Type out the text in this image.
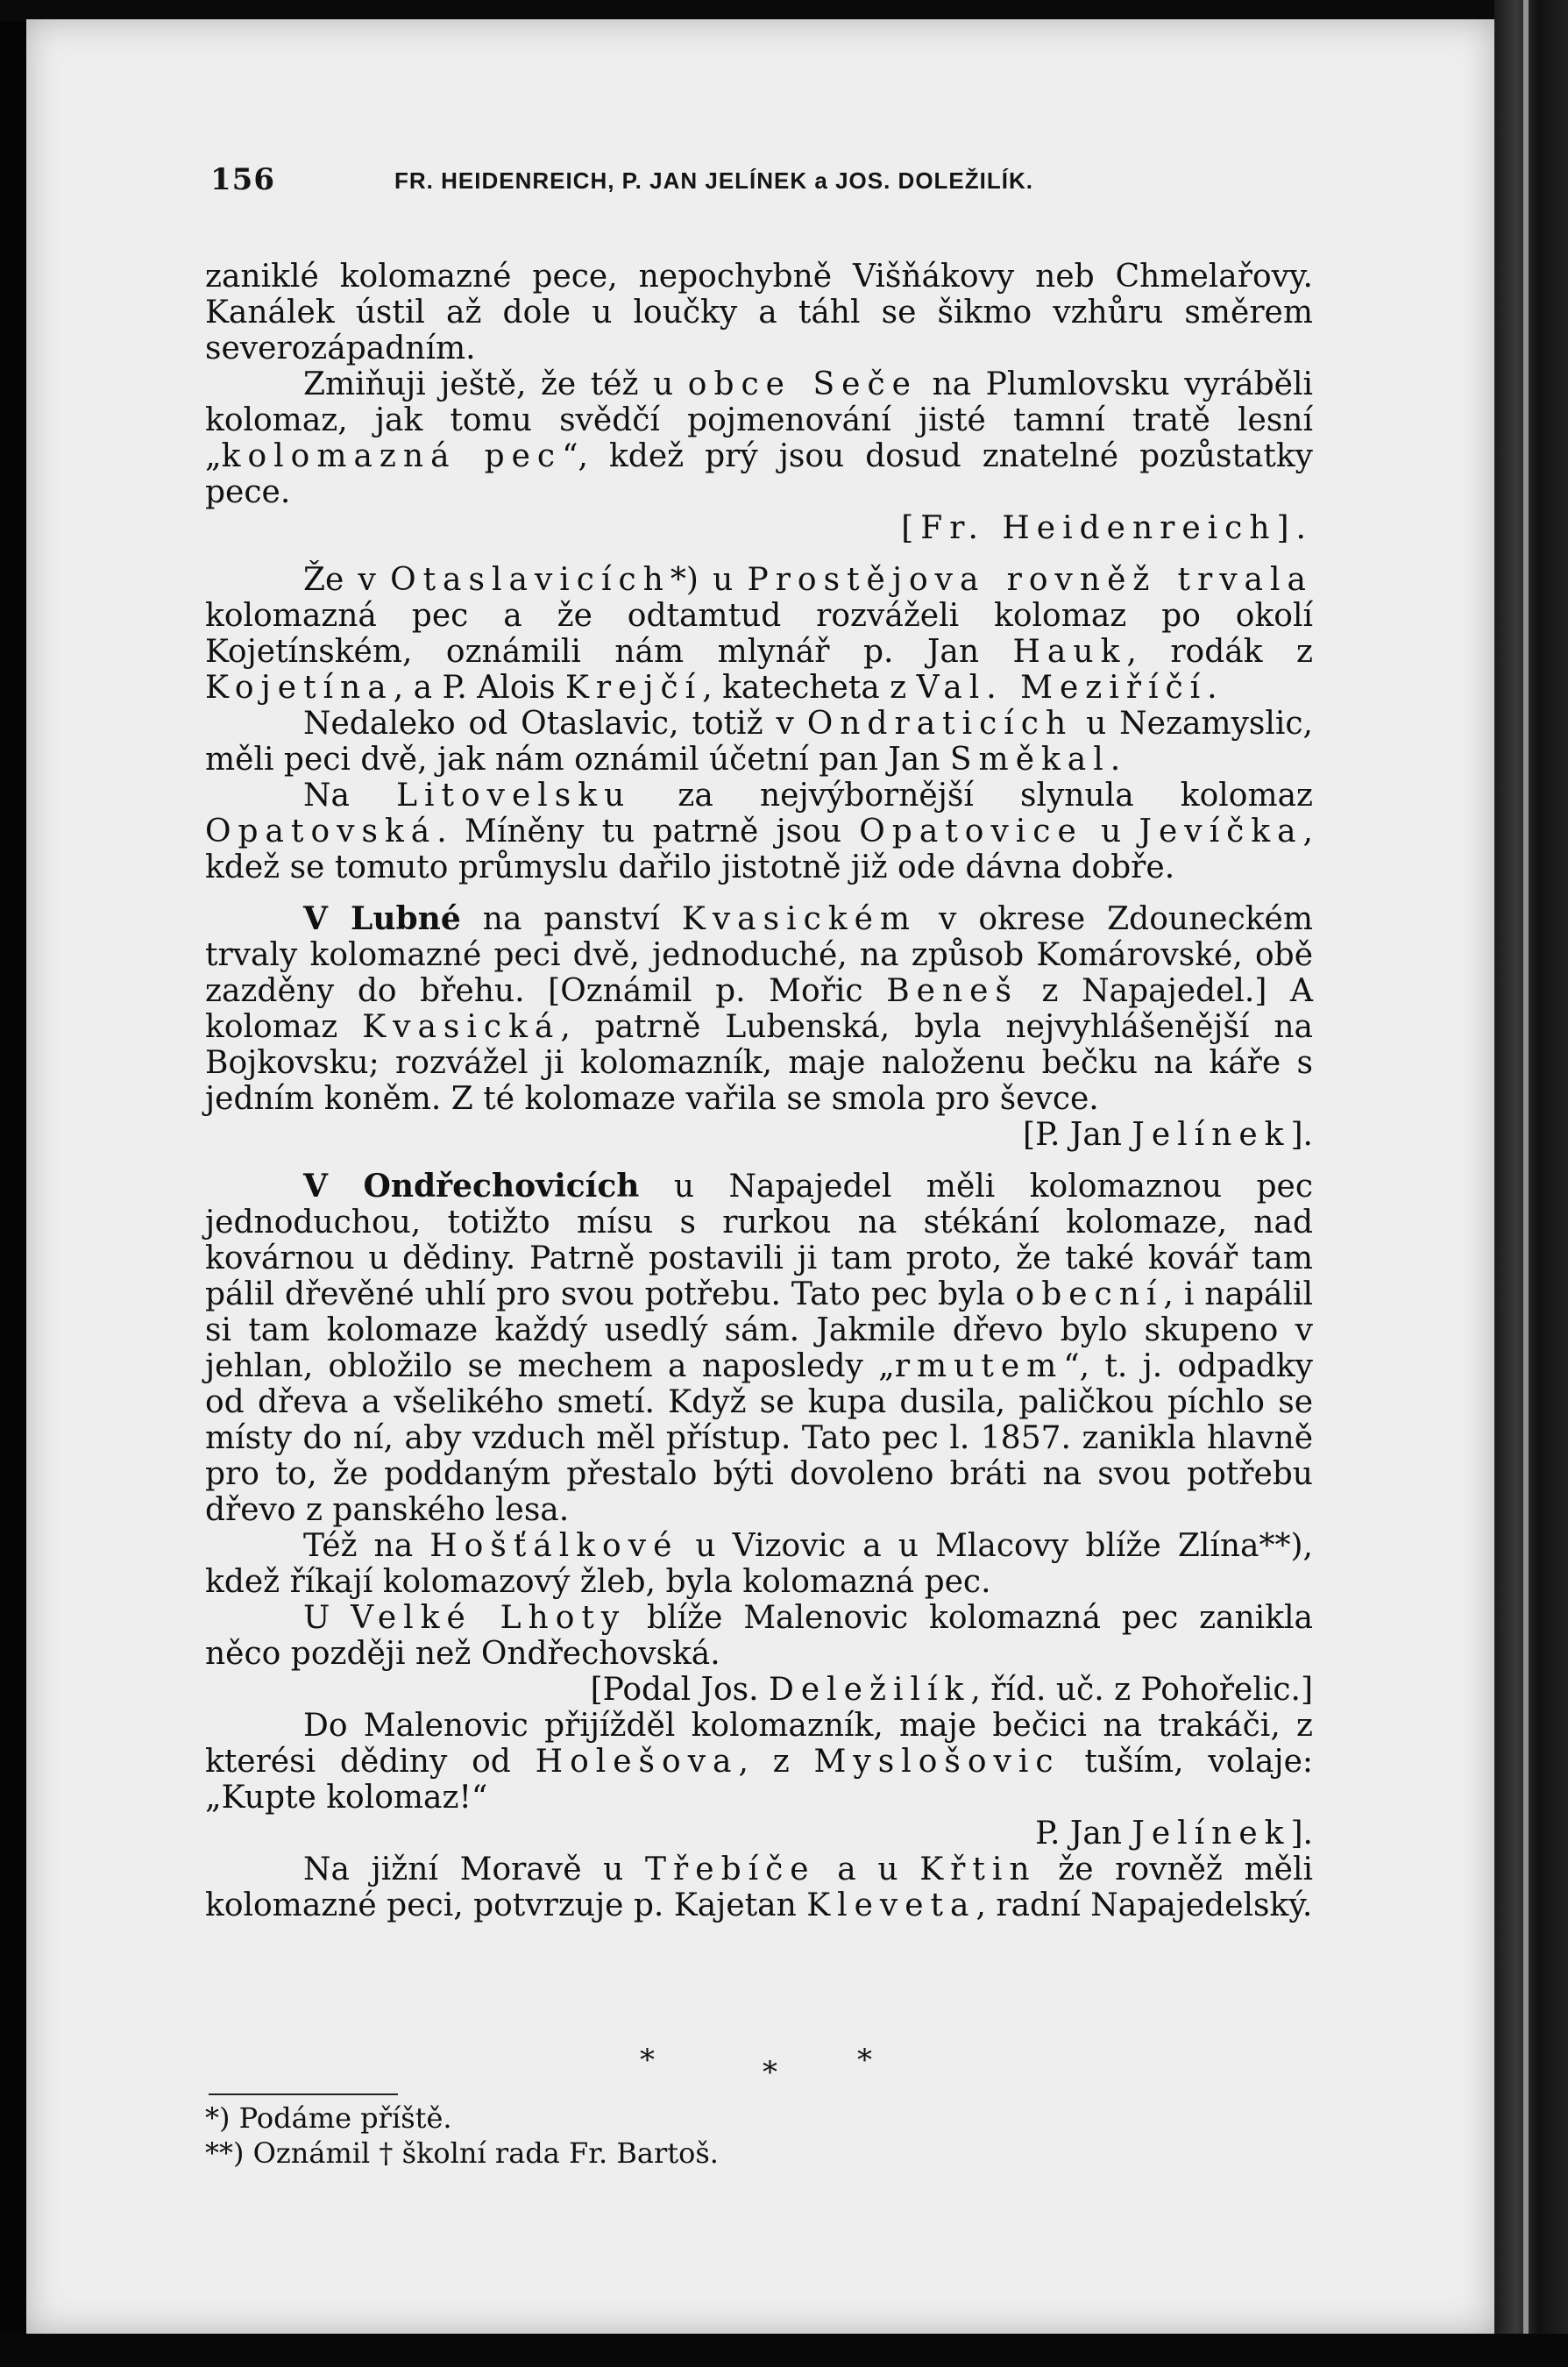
156	FR. HEIDENREICH, P. JAN JELÍNEK a JOS. DOLEŽILÍK.

zaniklé kolomazné pece, nepochybně Višňákovy neb Chmelařovy. Kanálek ústil až dole u loučky a táhl se šikmo vzhůru směrem severozápadním.

Zmiňuji ještě, že též u obce Seče na Plumlovsku vyráběli kolomaz, jak tomu svědčí pojmenování jisté tamní tratě lesní „kolomazná pec“, kdež prý jsou dosud znatelné pozůstatky pece.

[Fr. Heidenreich].

Že v Otaslavicích*) u Prostějova rovněž trvala kolomazná pec a že odtamtud rozváželi kolomaz po okolí Kojetínském, oznámili nám mlynář p. Jan Hauk, rodák z Kojetína, a P. Alois Krejčí, katecheta z Val. Meziříčí.

Nedaleko od Otaslavic, totiž v Ondraticích u Nezamyslic, měli peci dvě, jak nám oznámil účetní pan Jan Směkal.

Na Litovelsku za nejvýbornější slynula kolomaz Opatovská. Míněny tu patrně jsou Opatovice u Jevíčka, kdež se tomuto průmyslu dařilo jistotně již ode dávna dobře.

V Lubné na panství Kvasickém v okrese Zdouneckém trvaly kolomazné peci dvě, jednoduché, na způsob Komárovské, obě zazděny do břehu. [Oznámil p. Mořic Beneš z Napajedel.] A kolomaz Kvasická, patrně Lubenská, byla nejvyhlášenější na Bojkovsku; rozvážel ji kolomazník, maje naloženu bečku na káře s jedním koněm. Z té kolomaze vařila se smola pro ševce.

[P. Jan Jelínek].

V Ondřechovicích u Napajedel měli kolomaznou pec jednoduchou, totižto mísu s rurkou na stékání kolomaze, nad kovárnou u dědiny. Patrně postavili ji tam proto, že také kovář tam pálil dřevěné uhlí pro svou potřebu. Tato pec byla obecní, i napálil si tam kolomaze každý usedlý sám. Jakmile dřevo bylo skupeno v jehlan, obložilo se mechem a naposledy „rmutem“, t. j. odpadky od dřeva a všelikého smetí. Když se kupa dusila, paličkou píchlo se místy do ní, aby vzduch měl přístup. Tato pec l. 1857. zanikla hlavně pro to, že poddaným přestalo býti dovoleno bráti na svou potřebu dřevo z panského lesa.

Též na Hošťálkové u Vizovic a u Mlacovy blíže Zlína**), kdež říkají kolomazový žleb, byla kolomazná pec.

U Velké Lhoty blíže Malenovic kolomazná pec zanikla něco později než Ondřechovská.

[Podal Jos. Deležilík, říd. uč. z Pohořelic.]

Do Malenovic přijížděl kolomazník, maje bečici na trakáči, z kterési dědiny od Holešova, z Myslošovic tuším, volaje: „Kupte kolomaz!“

P. Jan Jelínek].

Na jižní Moravě u Třebíče a u Křtin že rovněž měli kolomazné peci, potvrzuje p. Kajetan Kleveta, radní Napajedelský.

*	*	*

*) Podáme příště.

**) Oznámil † školní rada Fr. Bartoš.
